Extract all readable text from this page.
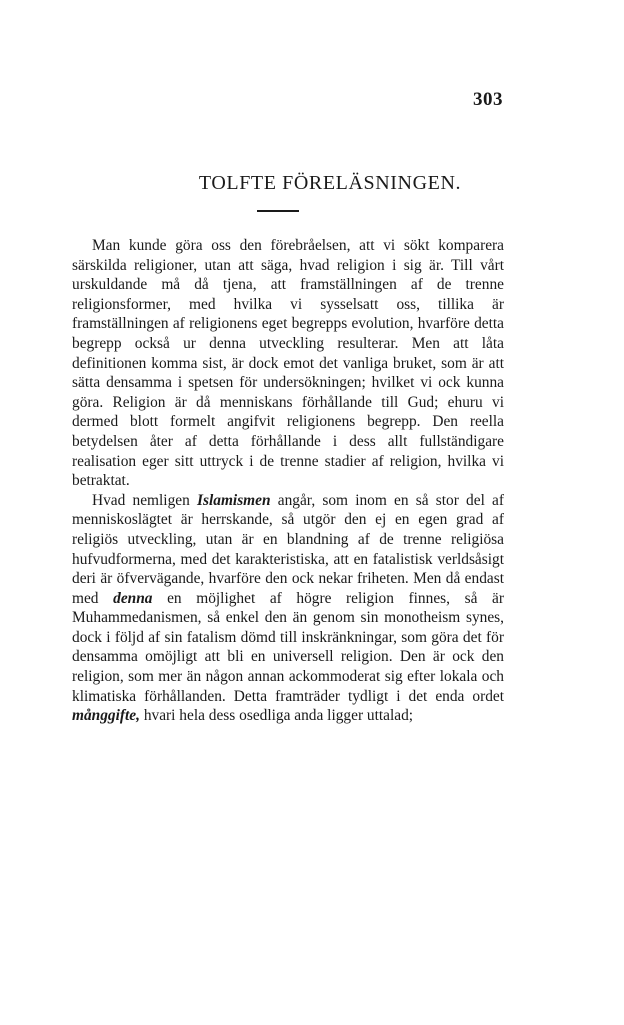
303
TOLFTE FÖRELÄSNINGEN.

Man kunde göra oss den förebråelsen, att vi sökt komparera särskilda religioner, utan att säga, hvad religion i sig är. Till vårt urskuldande må då tjena, att framställningen af de trenne religionsformer, med hvilka vi sysselsatt oss, tillika är framställningen af religionens eget begrepps evolution, hvarföre detta begrepp också ur denna utveckling resulterar. Men att låta definitionen komma sist, är dock emot det vanliga bruket, som är att sätta densamma i spetsen för undersökningen; hvilket vi ock kunna göra. Religion är då menniskans förhållande till Gud; ehuru vi dermed blott formelt angifvit religionens begrepp. Den reella betydelsen åter af detta förhållande i dess allt fullständigare realisation eger sitt uttryck i de trenne stadier af religion, hvilka vi betraktat.

Hvad nemligen Islamismen angår, som inom en så stor del af menniskoslägtet är herrskande, så utgör den ej en egen grad af religiös utveckling, utan är en blandning af de trenne religiösa hufvudformerna, med det karakteristiska, att en fatalistisk verldsåsigt deri är öfvervägande, hvarföre den ock nekar friheten. Men då endast med denna en möjlighet af högre religion finnes, så är Muhammedanismen, så enkel den än genom sin monotheism synes, dock i följd af sin fatalism dömd till inskränkningar, som göra det för densamma omöjligt att bli en universell religion. Den är ock den religion, som mer än någon annan ackommoderat sig efter lokala och klimatiska förhållanden. Detta framträder tydligt i det enda ordet månggifte, hvari hela dess osedliga anda ligger uttalad;
